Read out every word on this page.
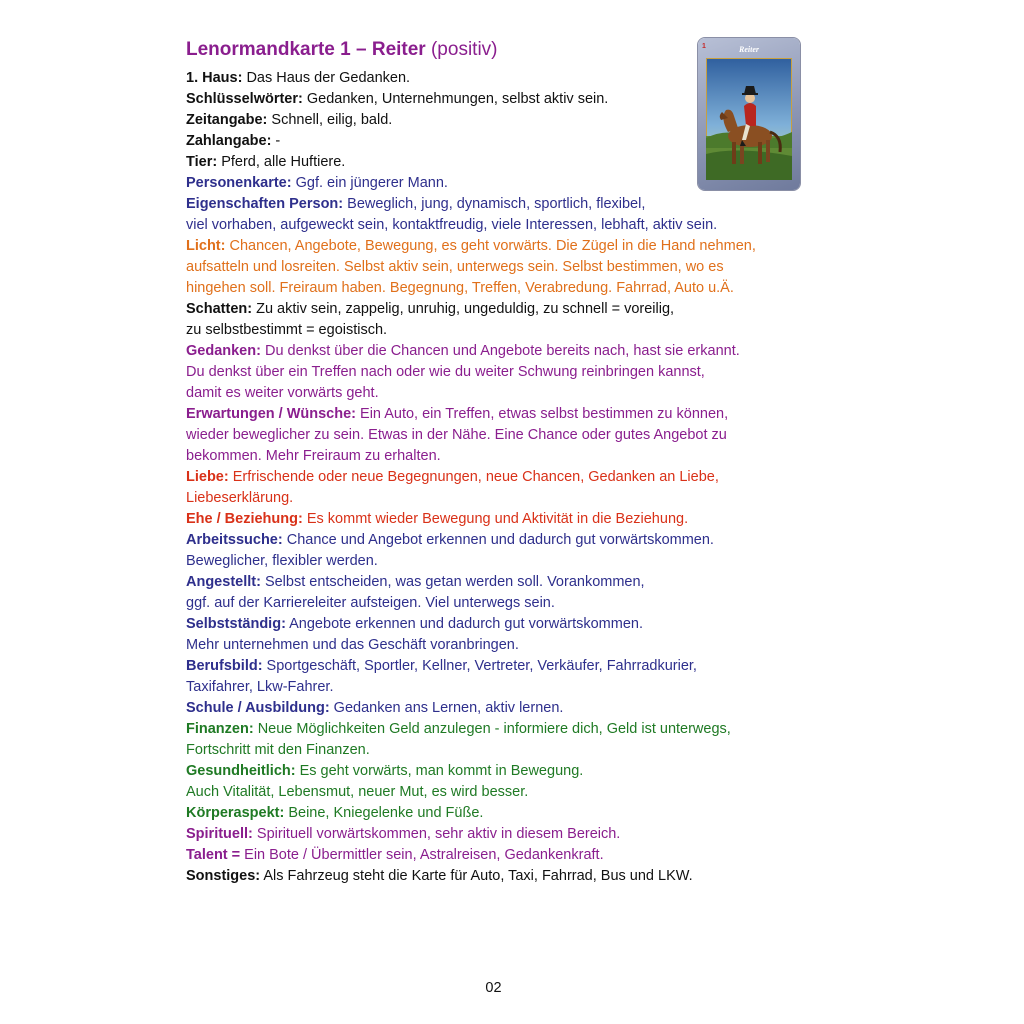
Lenormandkarte 1 – Reiter (positiv)	1	Reiter
1. Haus: Das Haus der Gedanken.
Schlüsselwörter: Gedanken, Unternehmungen, selbst aktiv sein.
Zeitangabe: Schnell, eilig, bald.
Zahlangabe: -
Tier: Pferd, alle Huftiere.
Personenkarte: Ggf. ein jüngerer Mann.
Eigenschaften Person: Beweglich, jung, dynamisch, sportlich, flexibel,
viel vorhaben, aufgeweckt sein, kontaktfreudig, viele Interessen, lebhaft, aktiv sein.
Licht: Chancen, Angebote, Bewegung, es geht vorwärts. Die Zügel in die Hand nehmen,
aufsatteln und losreiten. Selbst aktiv sein, unterwegs sein. Selbst bestimmen, wo es
hingehen soll. Freiraum haben. Begegnung, Treffen, Verabredung. Fahrrad, Auto u.Ä.
Schatten: Zu aktiv sein, zappelig, unruhig, ungeduldig, zu schnell = voreilig,
zu selbstbestimmt = egoistisch.
Gedanken: Du denkst über die Chancen und Angebote bereits nach, hast sie erkannt.
Du denkst über ein Treffen nach oder wie du weiter Schwung reinbringen kannst,
damit es weiter vorwärts geht.
Erwartungen / Wünsche: Ein Auto, ein Treffen, etwas selbst bestimmen zu können,
wieder beweglicher zu sein. Etwas in der Nähe. Eine Chance oder gutes Angebot zu
bekommen. Mehr Freiraum zu erhalten.
Liebe: Erfrischende oder neue Begegnungen, neue Chancen, Gedanken an Liebe,
Liebeserklärung.
Ehe / Beziehung: Es kommt wieder Bewegung und Aktivität in die Beziehung.
Arbeitssuche: Chance und Angebot erkennen und dadurch gut vorwärtskommen.
Beweglicher, flexibler werden.
Angestellt: Selbst entscheiden, was getan werden soll. Vorankommen,
ggf. auf der Karriereleiter aufsteigen. Viel unterwegs sein.
Selbstständig: Angebote erkennen und dadurch gut vorwärtskommen.
Mehr unternehmen und das Geschäft voranbringen.
Berufsbild: Sportgeschäft, Sportler, Kellner, Vertreter, Verkäufer, Fahrradkurier,
Taxifahrer, Lkw-Fahrer.
Schule / Ausbildung: Gedanken ans Lernen, aktiv lernen.
Finanzen: Neue Möglichkeiten Geld anzulegen - informiere dich, Geld ist unterwegs,
Fortschritt mit den Finanzen.
Gesundheitlich: Es geht vorwärts, man kommt in Bewegung.
Auch Vitalität, Lebensmut, neuer Mut, es wird besser.
Körperaspekt: Beine, Kniegelenke und Füße.
Spirituell: Spirituell vorwärtskommen, sehr aktiv in diesem Bereich.
Talent = Ein Bote / Übermittler sein, Astralreisen, Gedankenkraft.
Sonstiges: Als Fahrzeug steht die Karte für Auto, Taxi, Fahrrad, Bus und LKW.
02
